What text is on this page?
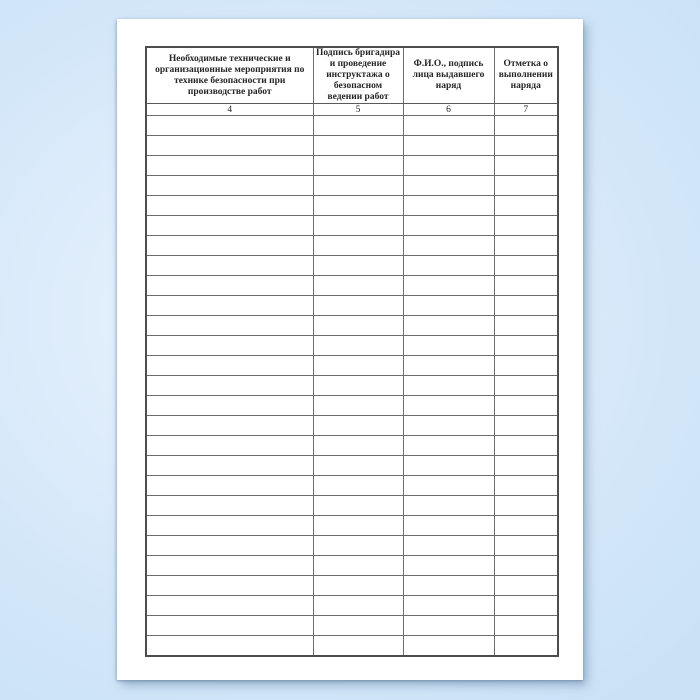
Необходимые технические и организационные мероприятия по технике безопасности при производстве работ	Подпись бригадира и проведение инструктажа о безопасном ведении работ	Ф.И.О., подпись лица выдавшего наряд	Отметка о выполнении наряда
4	5	6	7
